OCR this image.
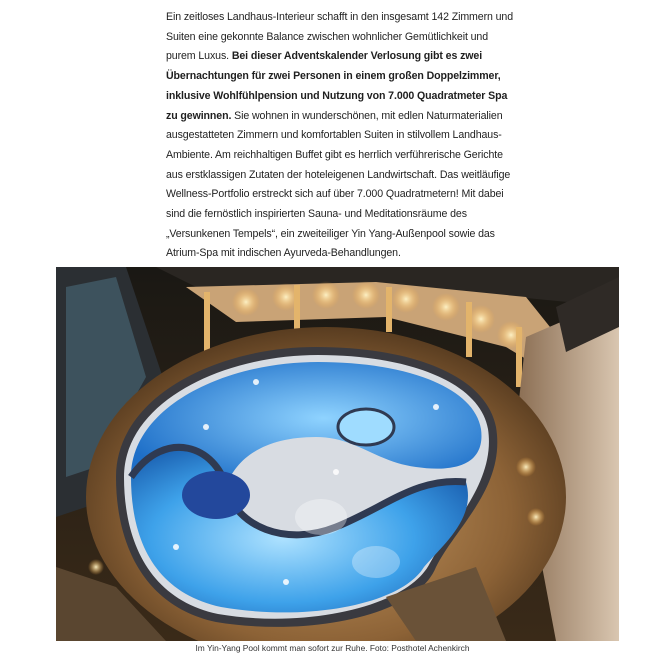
Ein zeitloses Landhaus-Interieur schafft in den insgesamt 142 Zimmern und Suiten eine gekonnte Balance zwischen wohnlicher Gemütlichkeit und purem Luxus. Bei dieser Adventskalender Verlosung gibt es zwei Übernachtungen für zwei Personen in einem großen Doppelzimmer, inklusive Wohlfühlpension und Nutzung von 7.000 Quadratmeter Spa zu gewinnen. Sie wohnen in wunderschönen, mit edlen Naturmaterialien ausgestatteten Zimmern und komfortablen Suiten in stilvollem Landhaus-Ambiente. Am reichhaltigen Buffet gibt es herrlich verführerische Gerichte aus erstklassigen Zutaten der hoteleigenen Landwirtschaft. Das weitläufige Wellness-Portfolio erstreckt sich auf über 7.000 Quadratmetern! Mit dabei sind die fernöstlich inspirierten Sauna- und Meditationsräume des „Versunkenen Tempels“, ein zweiteiliger Yin Yang-Außenpool sowie das Atrium-Spa mit indischen Ayurveda-Behandlungen.
Im Yin-Yang Pool kommt man sofort zur Ruhe. Foto: Posthotel Achenkirch
